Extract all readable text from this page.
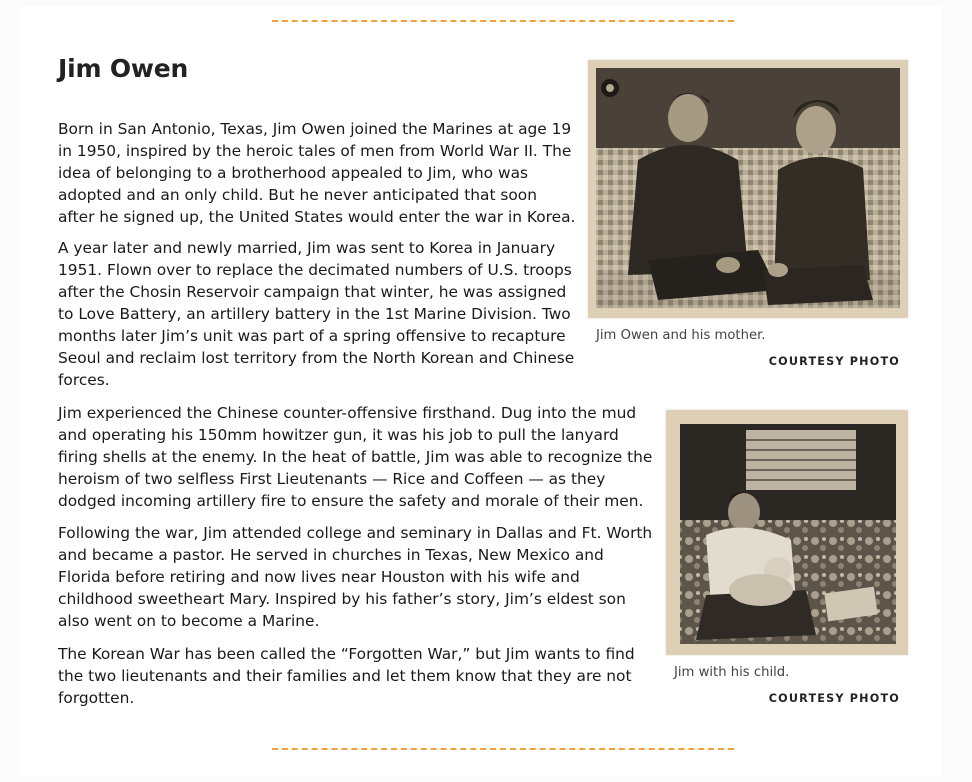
Jim Owen

Born in San Antonio, Texas, Jim Owen joined the Marines at age 19 in 1950, inspired by the heroic tales of men from World War II. The idea of belonging to a brotherhood appealed to Jim, who was adopted and an only child. But he never anticipated that soon after he signed up, the United States would enter the war in Korea.

A year later and newly married, Jim was sent to Korea in January 1951. Flown over to replace the decimated numbers of U.S. troops after the Chosin Reservoir campaign that winter, he was assigned to Love Battery, an artillery battery in the 1st Marine Division. Two months later Jim’s unit was part of a spring offensive to recapture Seoul and reclaim lost territory from the North Korean and Chinese forces.

Jim experienced the Chinese counter-offensive firsthand. Dug into the mud and operating his 150mm howitzer gun, it was his job to pull the lanyard firing shells at the enemy. In the heat of battle, Jim was able to recognize the heroism of two selfless First Lieutenants — Rice and Coffeen — as they dodged incoming artillery fire to ensure the safety and morale of their men.

Following the war, Jim attended college and seminary in Dallas and Ft. Worth and became a pastor. He served in churches in Texas, New Mexico and Florida before retiring and now lives near Houston with his wife and childhood sweetheart Mary. Inspired by his father’s story, Jim’s eldest son also went on to become a Marine.

The Korean War has been called the “Forgotten War,” but Jim wants to find the two lieutenants and their families and let them know that they are not forgotten.

Jim Owen and his mother.

COURTESY PHOTO

Jim with his child.

COURTESY PHOTO
